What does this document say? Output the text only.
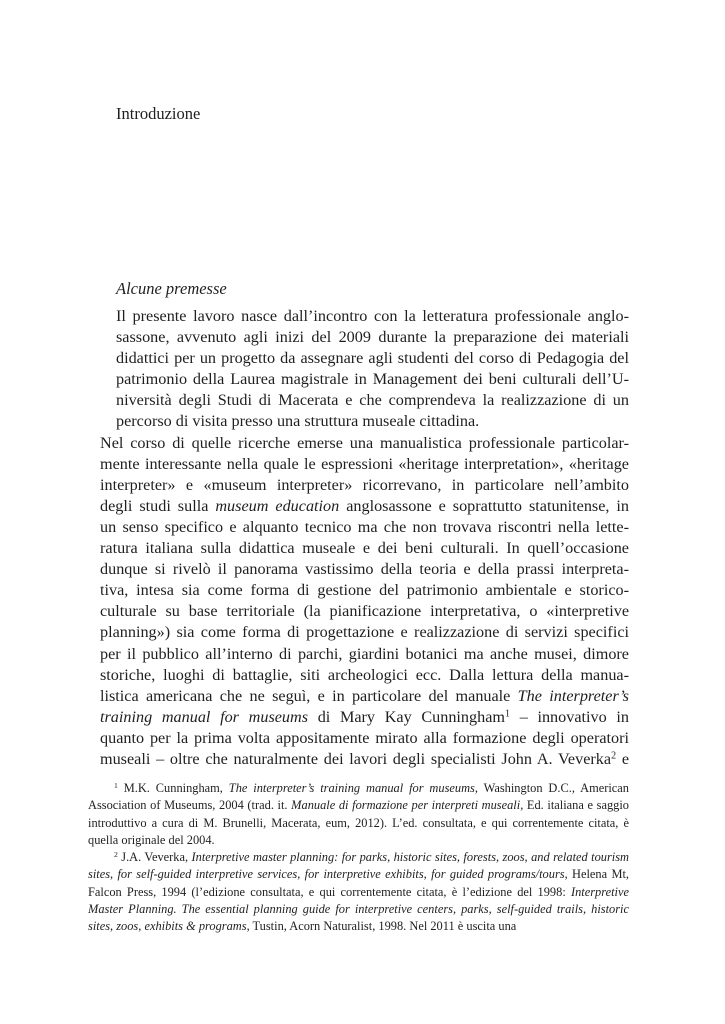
Introduzione
Alcune premesse

Il presente lavoro nasce dall’incontro con la letteratura professionale anglo-
sassone, avvenuto agli inizi del 2009 durante la preparazione dei materiali
didattici per un progetto da assegnare agli studenti del corso di Pedagogia del
patrimonio della Laurea magistrale in Management dei beni culturali dell’U-
niversità degli Studi di Macerata e che comprendeva la realizzazione di un
percorso di visita presso una struttura museale cittadina.

Nel corso di quelle ricerche emerse una manualistica professionale particolar-
mente interessante nella quale le espressioni «heritage interpretation», «heritage
interpreter» e «museum interpreter» ricorrevano, in particolare nell’ambito
degli studi sulla museum education anglosassone e soprattutto statunitense, in
un senso specifico e alquanto tecnico ma che non trovava riscontri nella lette-
ratura italiana sulla didattica museale e dei beni culturali. In quell’occasione
dunque si rivelò il panorama vastissimo della teoria e della prassi interpreta-
tiva, intesa sia come forma di gestione del patrimonio ambientale e storico-
culturale su base territoriale (la pianificazione interpretativa, o «interpretive
planning») sia come forma di progettazione e realizzazione di servizi specifici
per il pubblico all’interno di parchi, giardini botanici ma anche musei, dimore
storiche, luoghi di battaglie, siti archeologici ecc. Dalla lettura della manua-
listica americana che ne seguì, e in particolare del manuale The interpreter’s
training manual for museums di Mary Kay Cunningham$^1$ – innovativo in
quanto per la prima volta appositamente mirato alla formazione degli operatori
museali – oltre che naturalmente dei lavori degli specialisti John A. Veverka$^2$ e

$^1$ M.K. Cunningham, The interpreter’s training manual for museums, Washington D.C., American Association of Museums, 2004 (trad. it. Manuale di formazione per interpreti museali, Ed. italiana e saggio introduttivo a cura di M. Brunelli, Macerata, eum, 2012). L’ed. consultata, e qui correntemente citata, è quella originale del 2004.

$^2$ J.A. Veverka, Interpretive master planning: for parks, historic sites, forests, zoos, and related tourism sites, for self-guided interpretive services, for interpretive exhibits, for guided programs/tours, Helena Mt, Falcon Press, 1994 (l’edizione consultata, e qui correntemente citata, è l’edizione del 1998: Interpretive Master Planning. The essential planning guide for interpretive centers, parks, self-guided trails, historic sites, zoos, exhibits & programs, Tustin, Acorn Naturalist, 1998. Nel 2011 è uscita una
